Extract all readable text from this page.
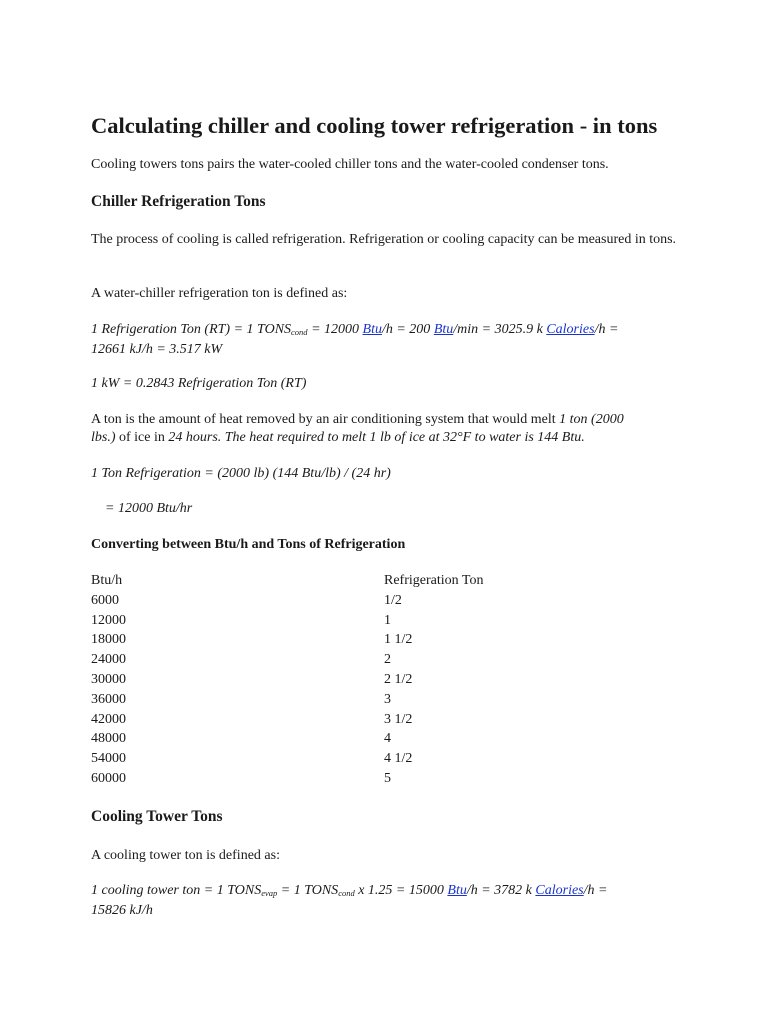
Calculating chiller and cooling tower refrigeration - in tons

Cooling towers tons pairs the water-cooled chiller tons and the water-cooled condenser tons.

Chiller Refrigeration Tons

The process of cooling is called refrigeration. Refrigeration or cooling capacity can be measured in tons.

A water-chiller refrigeration ton is defined as:

1 Refrigeration Ton (RT) = 1 $TONS_{cond} = 12000$ Btu/h = 200 Btu/min = 3025.9 k Calories/h =
12661 kJ/h = 3.517 kW

1 kW = 0.2843 Refrigeration Ton (RT)

A ton is the amount of heat removed by an air conditioning system that would melt 1 ton (2000
lbs.) of ice in 24 hours. The heat required to melt 1 lb of ice at 32°F to water is 144 Btu.

1 Ton Refrigeration = (2000 lb) (144 Btu/lb) / (24 hr)

= 12000 Btu/hr

Converting between Btu/h and Tons of Refrigeration
Btu/h	Refrigeration Ton
6000	1/2
12000	1
18000	1 1/2
24000	2
30000	2 1/2
36000	3
42000	3 1/2
48000	4
54000	4 1/2
60000	5
Cooling Tower Tons

A cooling tower ton is defined as:

1 cooling tower ton = 1 $TONS_{evap} = 1$ $TONS_{cond}$ x 1.25 = 15000 Btu/h = 3782 k Calories/h =
15826 kJ/h
